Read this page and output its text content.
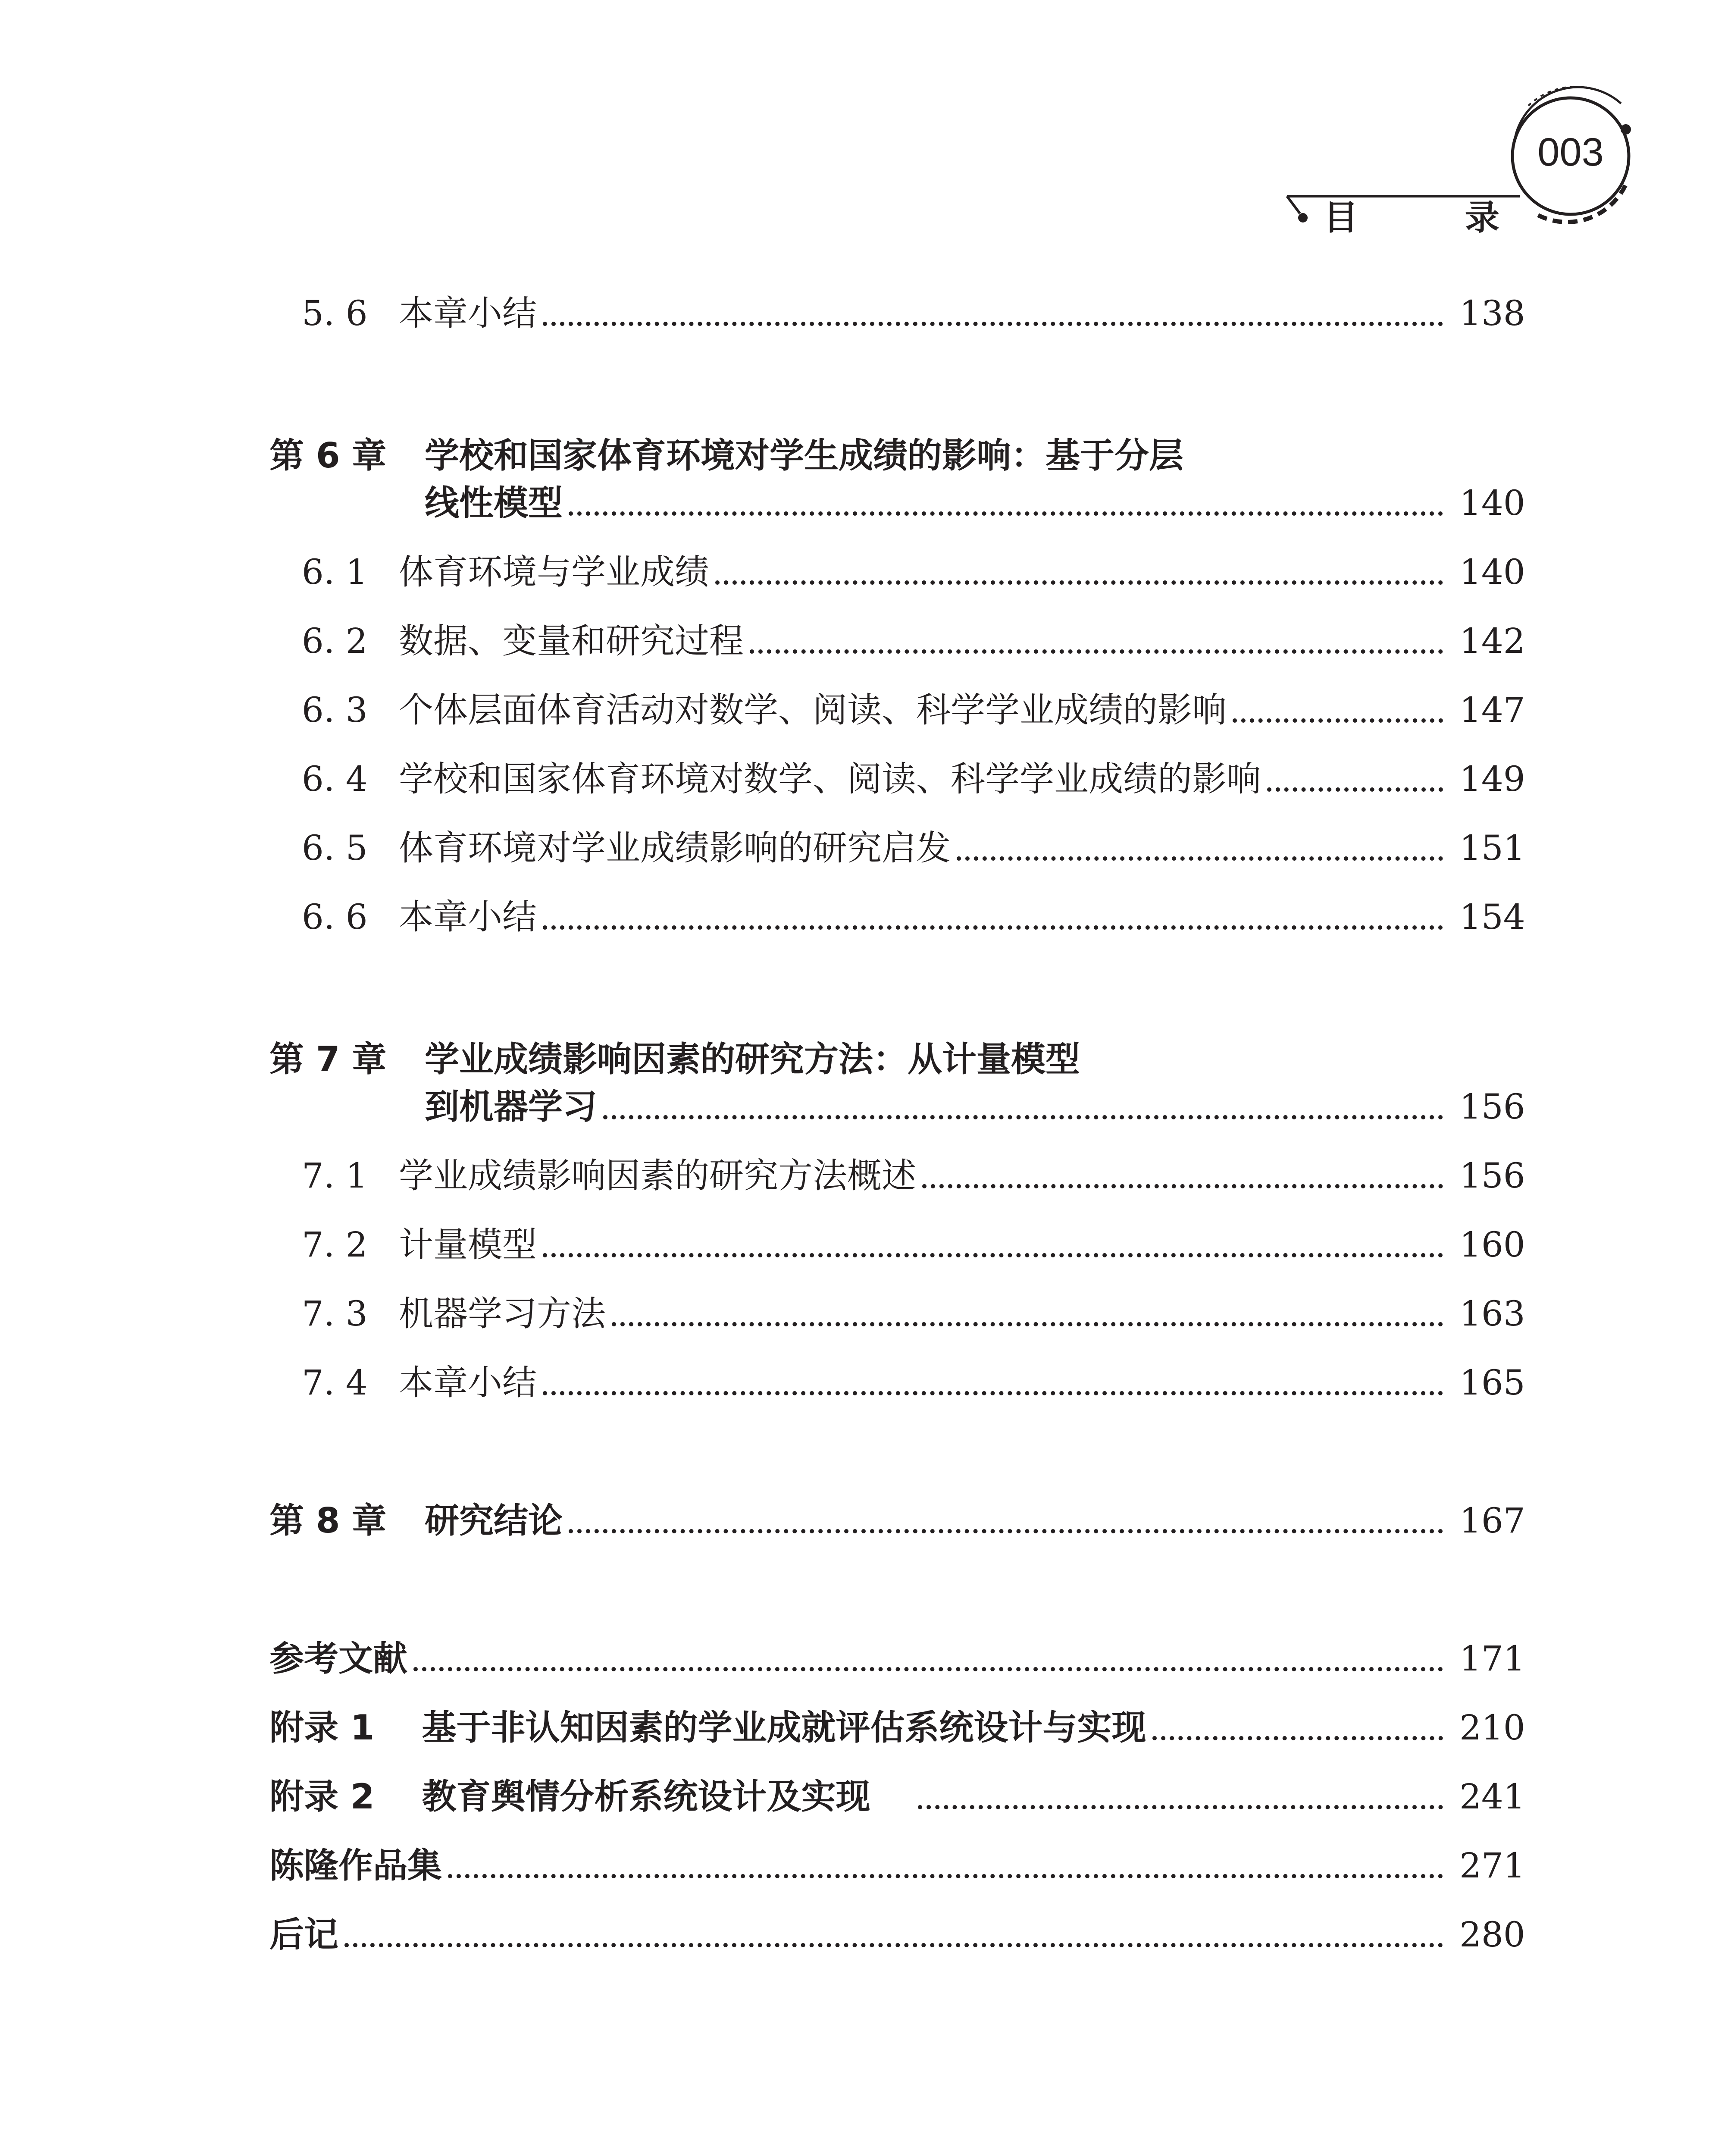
003
目 录
5. 6 本章小结	138
第 6 章 学校和国家体育环境对学生成绩的影响：基于分层
线性模型	140
6. 1 体育环境与学业成绩	140
6. 2 数据、变量和研究过程	142
6. 3 个体层面体育活动对数学、阅读、科学学业成绩的影响	147
6. 4 学校和国家体育环境对数学、阅读、科学学业成绩的影响	149
6. 5 体育环境对学业成绩影响的研究启发	151
6. 6 本章小结	154
第 7 章 学业成绩影响因素的研究方法：从计量模型
到机器学习	156
7. 1 学业成绩影响因素的研究方法概述	156
7. 2 计量模型	160
7. 3 机器学习方法	163
7. 4 本章小结	165
第 8 章 研究结论	167
参考文献	171
附录 1 基于非认知因素的学业成就评估系统设计与实现	210
附录 2 教育舆情分析系统设计及实现	241
陈隆作品集	271
后记	280
